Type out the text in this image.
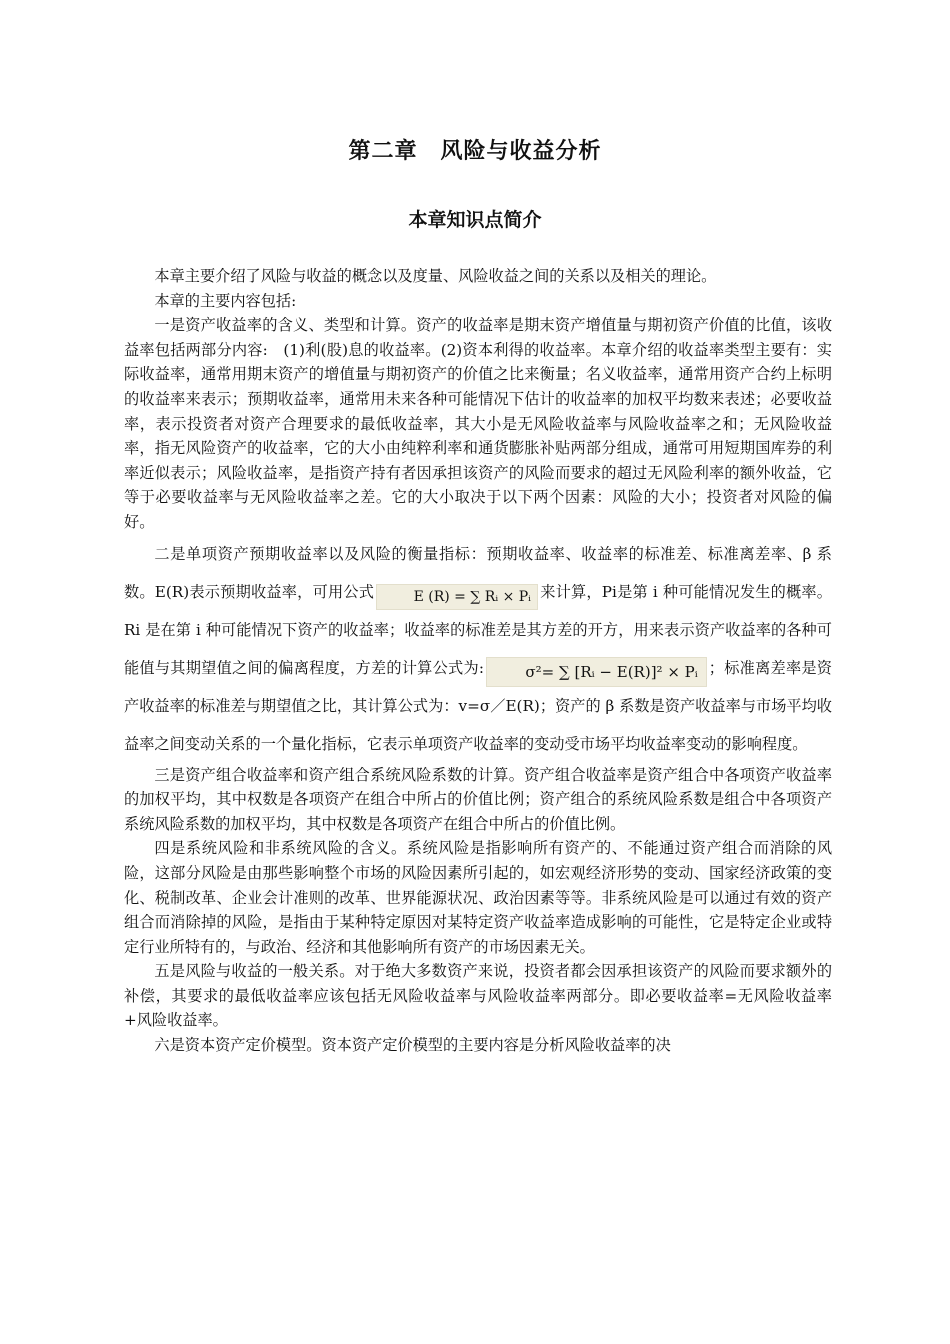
第二章　风险与收益分析
本章知识点简介

本章主要介绍了风险与收益的概念以及度量、风险收益之间的关系以及相关的理论。

本章的主要内容包括:

一是资产收益率的含义、类型和计算。资产的收益率是期末资产增值量与期初资产价值的比值，该收益率包括两部分内容:　(1)利(股)息的收益率。(2)资本利得的收益率。本章介绍的收益率类型主要有：实际收益率，通常用期末资产的增值量与期初资产的价值之比来衡量；名义收益率，通常用资产合约上标明的收益率来表示；预期收益率，通常用未来各种可能情况下估计的收益率的加权平均数来表述；必要收益率，表示投资者对资产合理要求的最低收益率，其大小是无风险收益率与风险收益率之和；无风险收益率，指无风险资产的收益率，它的大小由纯粹利率和通货膨胀补贴两部分组成，通常可用短期国库券的利率近似表示；风险收益率，是指资产持有者因承担该资产的风险而要求的超过无风险利率的额外收益，它等于必要收益率与无风险收益率之差。它的大小取决于以下两个因素：风险的大小；投资者对风险的偏好。

二是单项资产预期收益率以及风险的衡量指标：预期收益率、收益率的标准差、标准离差率、β 系数。E(R)表示预期收益率，可用公式	E (R) = ∑ Rᵢ × Pᵢ 来计算，Pi是第 i 种可能情况发生的概率。Ri 是在第 i 种可能情况下资产的收益率；收益率的标准差是其方差的开方，用来表示资产收益率的各种可能值与其期望值之间的偏离程度，方差的计算公式为:	σ²= ∑ [Rᵢ − E(R)]² × Pᵢ ；标准离差率是资产收益率的标准差与期望值之比，其计算公式为：v=σ／E(R)；资产的 β 系数是资产收益率与市场平均收益率之间变动关系的一个量化指标，它表示单项资产收益率的变动受市场平均收益率变动的影响程度。

三是资产组合收益率和资产组合系统风险系数的计算。资产组合收益率是资产组合中各项资产收益率的加权平均，其中权数是各项资产在组合中所占的价值比例；资产组合的系统风险系数是组合中各项资产系统风险系数的加权平均，其中权数是各项资产在组合中所占的价值比例。

四是系统风险和非系统风险的含义。系统风险是指影响所有资产的、不能通过资产组合而消除的风险，这部分风险是由那些影响整个市场的风险因素所引起的，如宏观经济形势的变动、国家经济政策的变化、税制改革、企业会计准则的改革、世界能源状况、政治因素等等。非系统风险是可以通过有效的资产组合而消除掉的风险，是指由于某种特定原因对某特定资产收益率造成影响的可能性，它是特定企业或特定行业所特有的，与政治、经济和其他影响所有资产的市场因素无关。

五是风险与收益的一般关系。对于绝大多数资产来说，投资者都会因承担该资产的风险而要求额外的补偿，其要求的最低收益率应该包括无风险收益率与风险收益率两部分。即必要收益率=无风险收益率+风险收益率。

六是资本资产定价模型。资本资产定价模型的主要内容是分析风险收益率的决
